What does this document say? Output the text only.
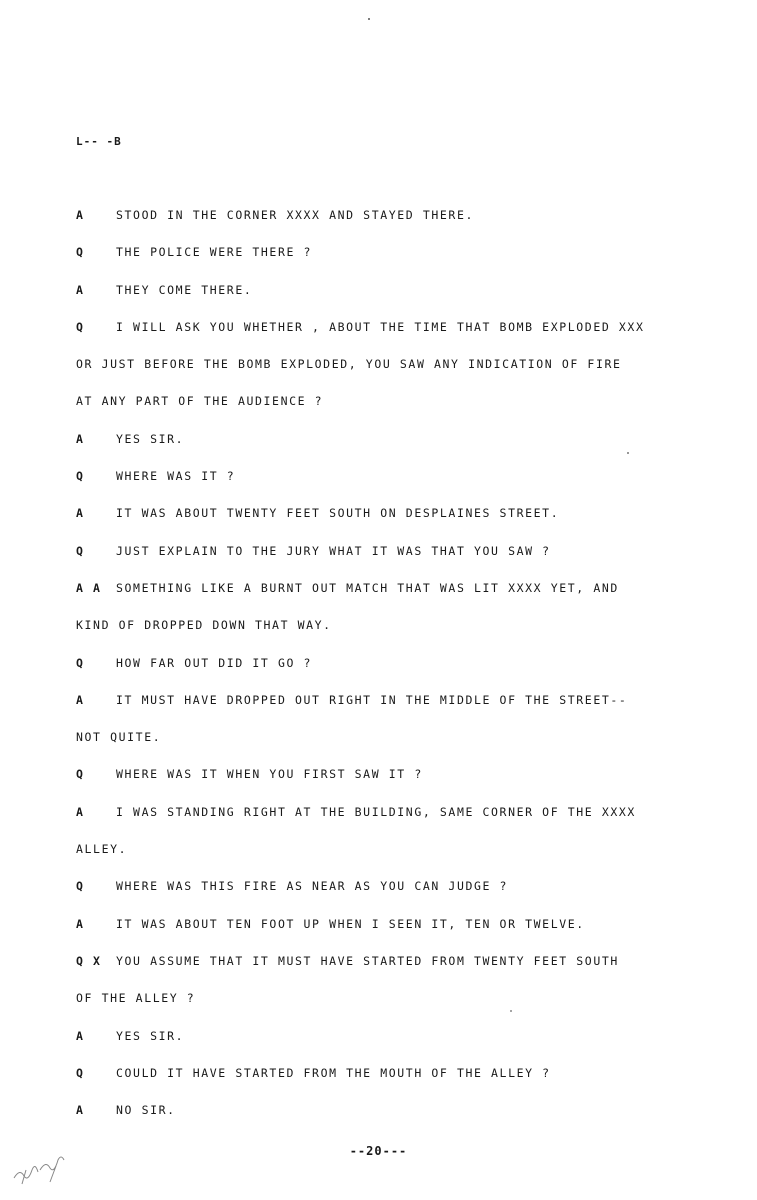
L-- -B
A	STOOD IN THE CORNER XXXX AND STAYED THERE.
Q	THE POLICE WERE THERE ?
A	THEY COME THERE.
Q	I WILL ASK YOU WHETHER , ABOUT THE TIME THAT BOMB EXPLODED XXX
OR JUST BEFORE THE BOMB EXPLODED, YOU SAW ANY INDICATION OF FIRE
AT ANY PART OF THE AUDIENCE ?
A	YES SIR.
Q	WHERE WAS IT ?
A	IT WAS ABOUT TWENTY FEET SOUTH ON DESPLAINES STREET.
Q	JUST EXPLAIN TO THE JURY WHAT IT WAS THAT YOU SAW ?
A A	SOMETHING LIKE A BURNT OUT MATCH THAT WAS LIT XXXX YET, AND
KIND OF DROPPED DOWN THAT WAY.
Q	HOW FAR OUT DID IT GO ?
A	IT MUST HAVE DROPPED OUT RIGHT IN THE MIDDLE OF THE STREET--
NOT QUITE.
Q	WHERE WAS IT WHEN YOU FIRST SAW IT ?
A	I WAS STANDING RIGHT AT THE BUILDING, SAME CORNER OF THE XXXX
ALLEY.
Q	WHERE WAS THIS FIRE AS NEAR AS YOU CAN JUDGE ?
A	IT WAS ABOUT TEN FOOT UP WHEN I SEEN IT, TEN OR TWELVE.
Q X	YOU ASSUME THAT IT MUST HAVE STARTED FROM TWENTY FEET SOUTH
OF THE ALLEY ?
A	YES SIR.
Q	COULD IT HAVE STARTED FROM THE MOUTH OF THE ALLEY ?
A	NO SIR.
--20---
